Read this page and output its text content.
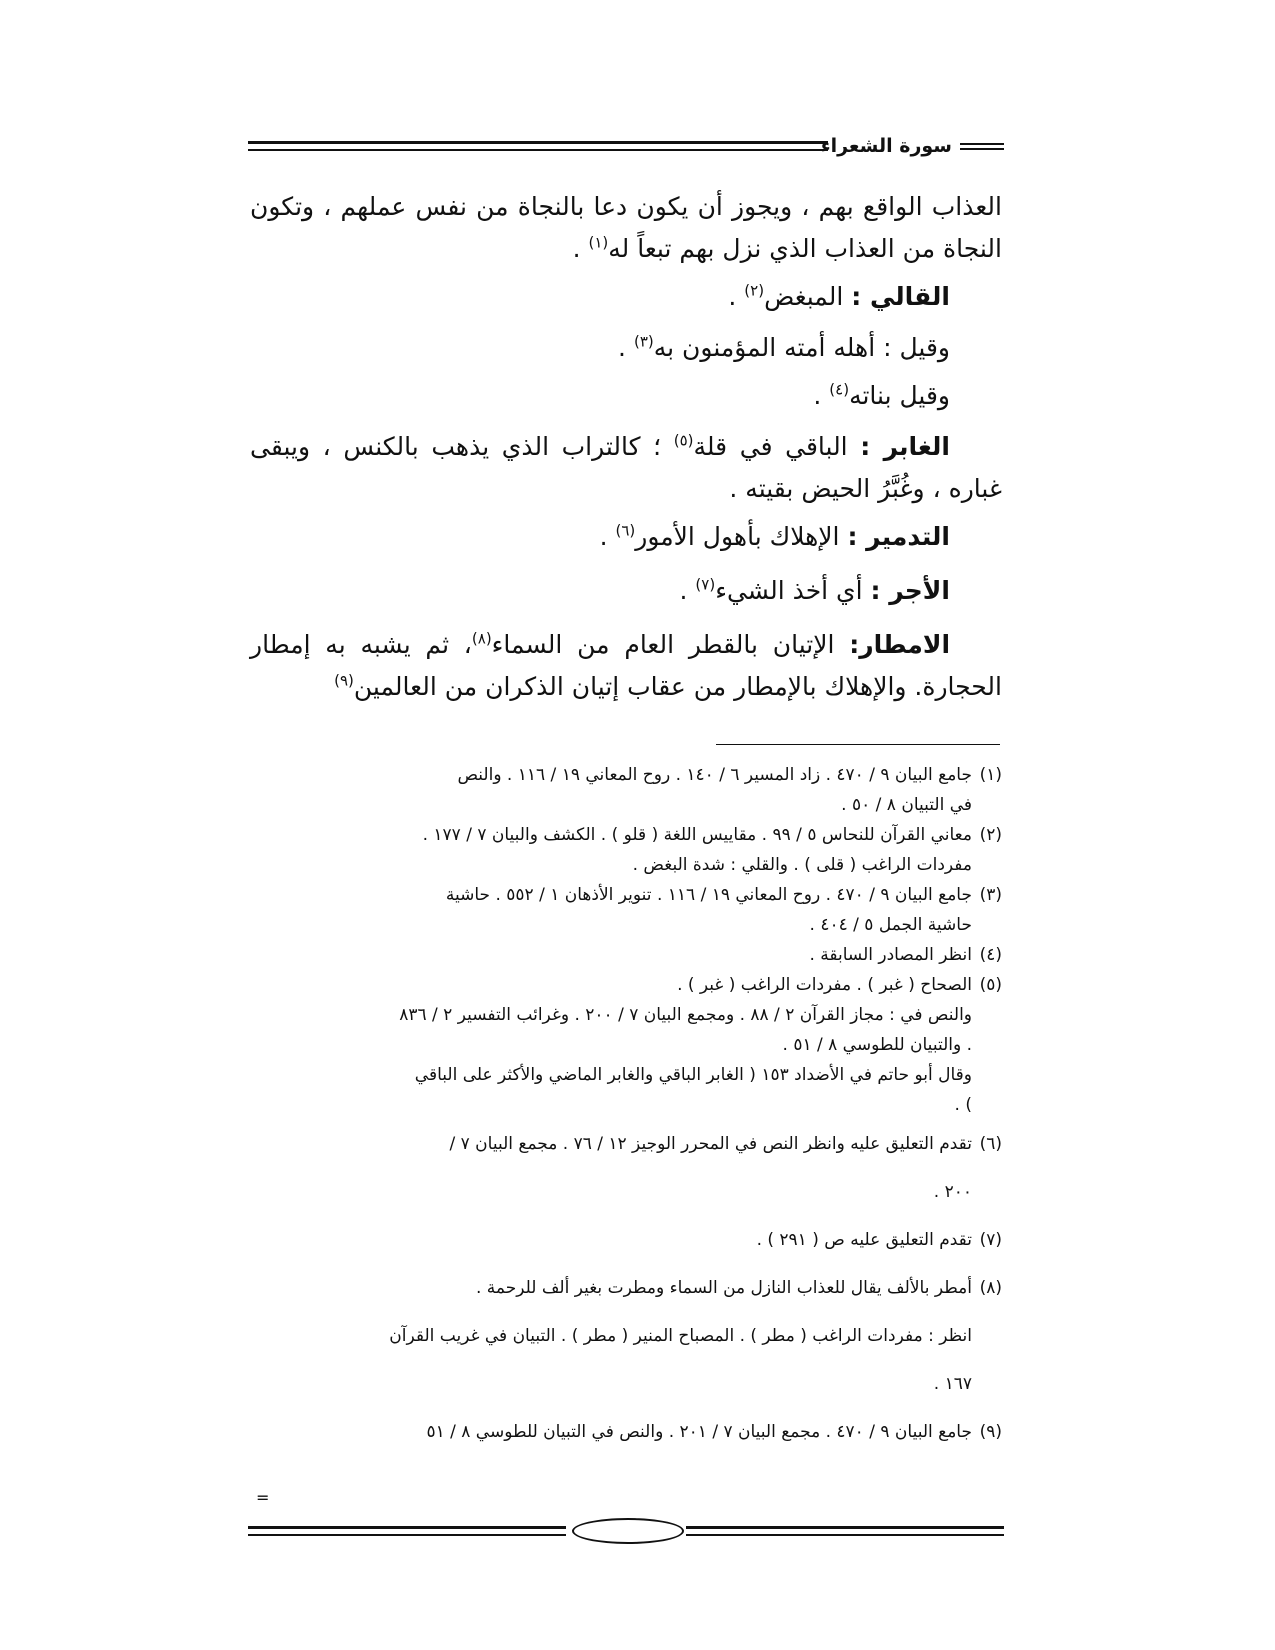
سورة الشعراء

العذاب الواقع بهم ، ويجوز أن يكون دعا بالنجاة من نفس عملهم ، وتكون النجاة من العذاب الذي نزل بهم تبعاً له$^{(١)}$ .

القالي : المبغض$^{(٢)}$ .

وقيل : أهله أمته المؤمنون به$^{(٣)}$ .

وقيل بناته$^{(٤)}$ .

الغابر : الباقي في قلة$^{(٥)}$ ؛ كالتراب الذي يذهب بالكنس ، ويبقى غباره ، وغُبَّرُ الحيض بقيته .

التدمير : الإهلاك بأهول الأمور$^{(٦)}$ .

الأجر : أي أخذ الشيء$^{(٧)}$ .

الامطار: الإتيان بالقطر العام من السماء$^{(٨)}$، ثم يشبه به إمطار الحجارة. والإهلاك بالإمطار من عقاب إتيان الذكران من العالمين$^{(٩)}$

(١)جامع البيان ٩ / ٤٧٠ . زاد المسير ٦ / ١٤٠ . روح المعاني ١٩ / ١١٦ . والنص
في التبيان ٨ / ٥٠ .

(٢)معاني القرآن للنحاس ٥ / ٩٩ . مقاييس اللغة ( قلو ) . الكشف والبيان ٧ / ١٧٧ .
مفردات الراغب ( قلى ) . والقلي : شدة البغض .

(٣)جامع البيان ٩ / ٤٧٠ . روح المعاني ١٩ / ١١٦ . تنوير الأذهان ١ / ٥٥٢ . حاشية
حاشية الجمل ٥ / ٤٠٤ .

(٤)انظر المصادر السابقة .

(٥)الصحاح ( غبر ) . مفردات الراغب ( غبر ) .
والنص في : مجاز القرآن ٢ / ٨٨ . ومجمع البيان ٧ / ٢٠٠ . وغرائب التفسير ٢ / ٨٣٦
. والتبيان للطوسي ٨ / ٥١ .
وقال أبو حاتم في الأضداد ١٥٣ ( الغابر الباقي والغابر الماضي والأكثر على الباقي
) .

(٦)تقدم التعليق عليه وانظر النص في المحرر الوجيز ١٢ / ٧٦ . مجمع البيان ٧ /
٢٠٠ .

(٧)تقدم التعليق عليه ص ( ٢٩١ ) .

(٨)أمطر بالألف يقال للعذاب النازل من السماء ومطرت بغير ألف للرحمة .
انظر : مفردات الراغب ( مطر ) . المصباح المنير ( مطر ) . التبيان في غريب القرآن
١٦٧ .

(٩)جامع البيان ٩ / ٤٧٠ . مجمع البيان ٧ / ٢٠١ . والنص في التبيان للطوسي ٨ / ٥١

=
